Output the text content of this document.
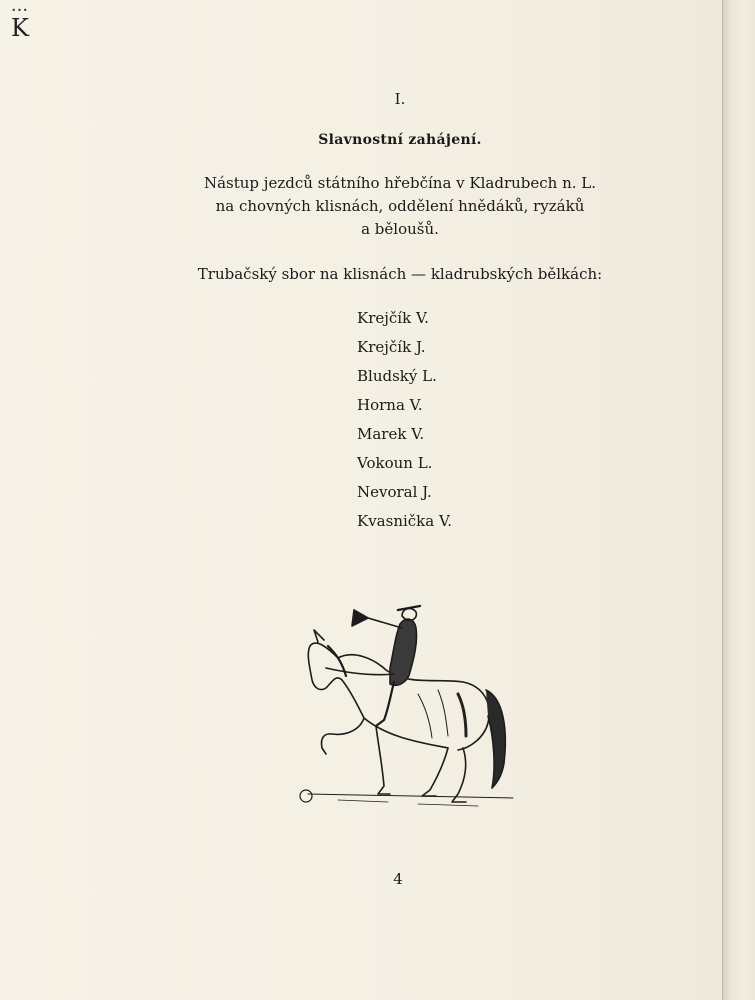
•••
K
I.
Slavnostní zahájení.
Nástup jezdců státního hřebčína v Kladrubech n. L.
na chovných klisnách, oddělení hnědáků, ryzáků
a běloušů.
Trubačský sbor na klisnách — kladrubských bělkách:
Krejčík V.
Krejčík J.
Bludský L.
Horna V.
Marek V.
Vokoun L.
Nevoral J.
Kvasnička V.
4
